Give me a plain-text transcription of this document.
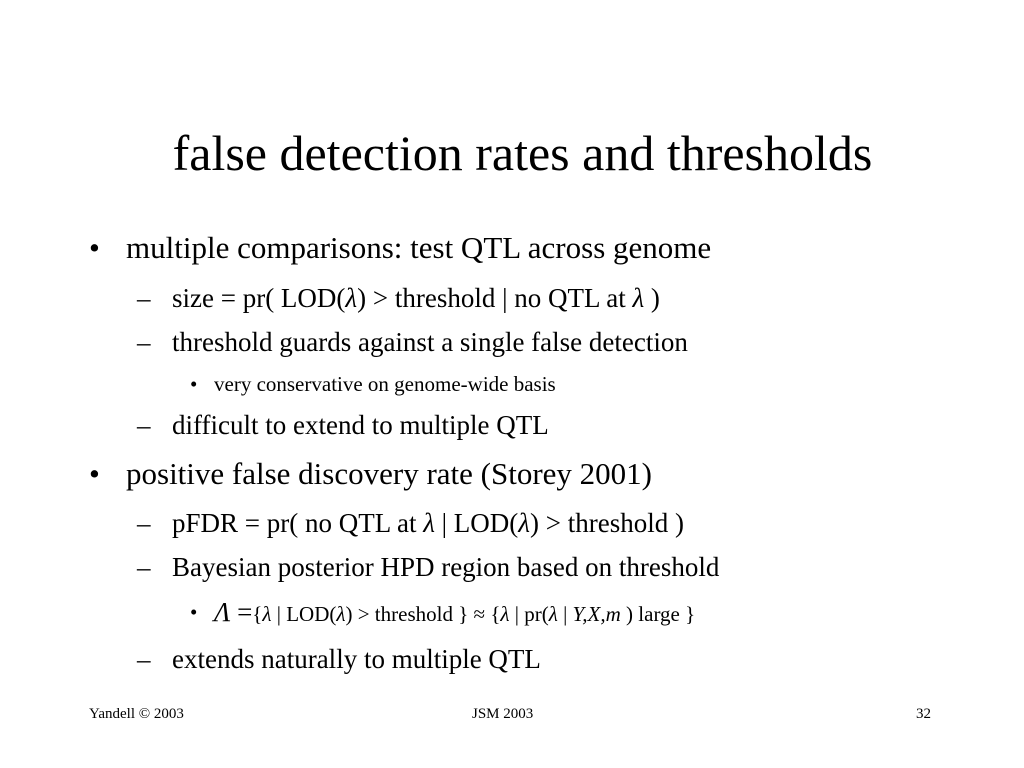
false detection rates and thresholds
• multiple comparisons: test QTL across genome
– size = pr( LOD(λ) > threshold | no QTL at λ )
– threshold guards against a single false detection
• very conservative on genome-wide basis
– difficult to extend to multiple QTL
• positive false discovery rate (Storey 2001)
– pFDR = pr( no QTL at λ | LOD(λ) > threshold )
– Bayesian posterior HPD region based on threshold
• Λ ={λ | LOD(λ) > threshold } ≈ {λ | pr(λ | Y,X,m ) large }
– extends naturally to multiple QTL
Yandell © 2003	JSM 2003	32
